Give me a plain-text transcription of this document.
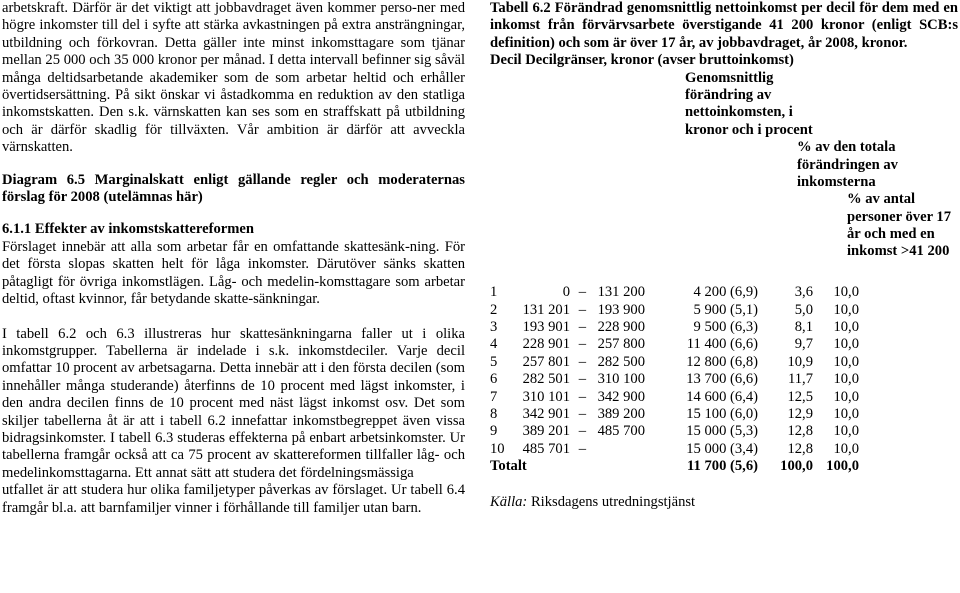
arbetskraft. Därför är det viktigt att jobbavdraget även kommer perso-ner med högre inkomster till del i syfte att stärka avkastningen på extra ansträngningar, utbildning och förkovran. Detta gäller inte minst inkomsttagare som tjänar mellan 25 000 och 35 000 kronor per månad. I detta intervall befinner sig såväl många deltidsarbetande akademiker som de som arbetar heltid och erhåller övertidsersättning. På sikt önskar vi åstadkomma en reduktion av den statliga inkomstskatten. Den s.k. värnskatten kan ses som en straffskatt på utbildning och är därför skadlig för tillväxten. Vår ambition är därför att avveckla värnskatten.

Diagram 6.5 Marginalskatt enligt gällande regler och moderaternas förslag för 2008 (utelämnas här)

6.1.1 Effekter av inkomstskattereformen

Förslaget innebär att alla som arbetar får en omfattande skattesänk-ning. För det första slopas skatten helt för låga inkomster. Därutöver sänks skatten påtagligt för övriga inkomstlägen. Låg- och medelin-komsttagare som arbetar deltid, oftast kvinnor, får betydande skatte-sänkningar.

I tabell 6.2 och 6.3 illustreras hur skattesänkningarna faller ut i olika inkomstgrupper. Tabellerna är indelade i s.k. inkomstdeciler. Varje decil omfattar 10 procent av arbetsagarna. Detta innebär att i den första decilen (som innehåller många studerande) återfinns de 10 procent med lägst inkomster, i den andra decilen finns de 10 procent med näst lägst inkomst osv. Det som skiljer tabellerna åt är att i tabell 6.2 innefattar inkomstbegreppet även vissa bidragsinkomster. I tabell 6.3 studeras effekterna på enbart arbetsinkomster. Ur tabellerna framgår också att ca 75 procent av skattereformen tillfaller låg- och medelinkomsttagarna. Ett annat sätt att studera det fördelningsmässiga

utfallet är att studera hur olika familjetyper påverkas av förslaget. Ur tabell 6.4 framgår bl.a. att barnfamiljer vinner i förhållande till familjer utan barn.

Tabell 6.2 Förändrad genomsnittlig nettoinkomst per decil för dem med en inkomst från förvärvsarbete överstigande 41 200 kronor (enligt SCB:s definition) och som är över 17 år, av jobbavdraget, år 2008, kronor.

Decil Decilgränser, kronor (avser bruttoinkomst)
Genomsnittlig förändring av nettoinkomsten, i kronor och i procent
% av den totala förändringen av inkomsterna
% av antal personer över 17 år och med en inkomst >41 200
1	0	–	131 200	4 200 (6,9)	3,6	10,0
2	131 201	–	193 900	5 900 (5,1)	5,0	10,0
3	193 901	–	228 900	9 500 (6,3)	8,1	10,0
4	228 901	–	257 800	11 400 (6,6)	9,7	10,0
5	257 801	–	282 500	12 800 (6,8)	10,9	10,0
6	282 501	–	310 100	13 700 (6,6)	11,7	10,0
7	310 101	–	342 900	14 600 (6,4)	12,5	10,0
8	342 901	–	389 200	15 100 (6,0)	12,9	10,0
9	389 201	–	485 700	15 000 (5,3)	12,8	10,0
10	485 701	–		15 000 (3,4)	12,8	10,0
Totalt				11 700 (5,6)	100,0	100,0

Källa: Riksdagens utredningstjänst
